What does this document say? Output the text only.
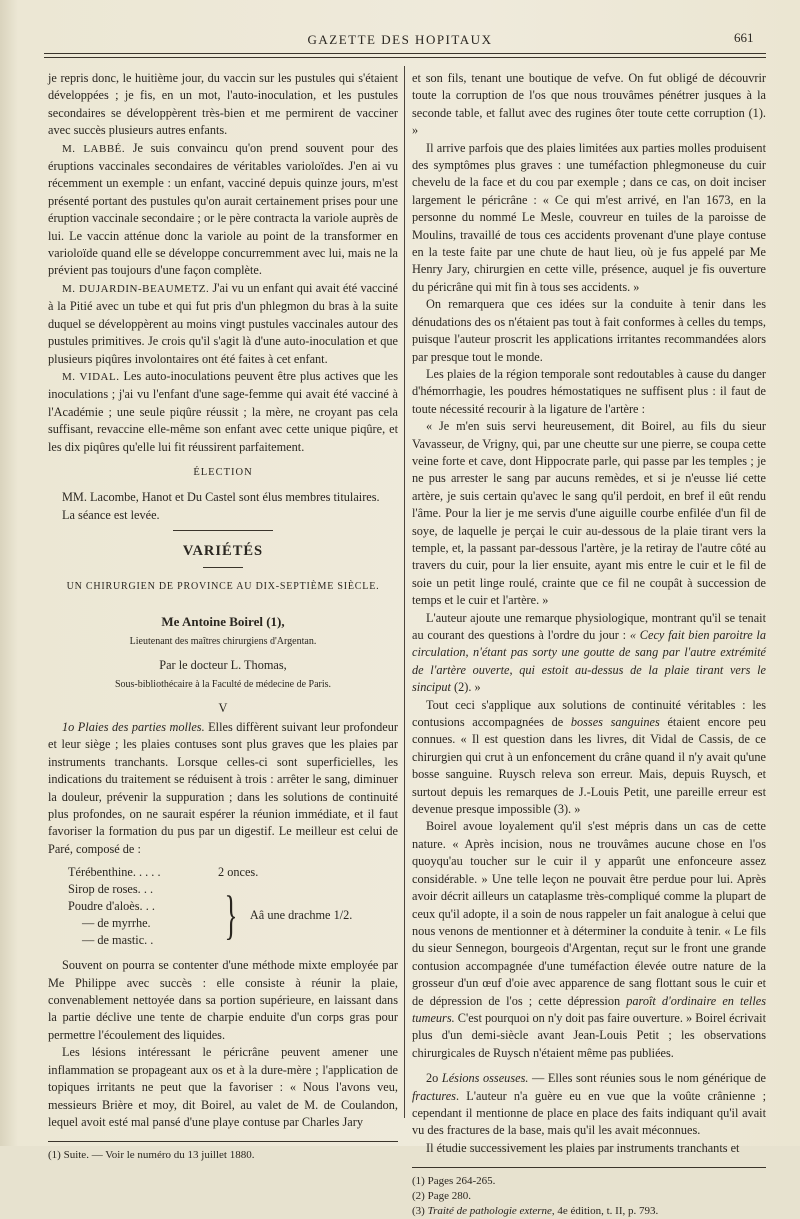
GAZETTE DES HOPITAUX	661

je repris donc, le huitième jour, du vaccin sur les pustules qui s'étaient développées ; je fis, en un mot, l'auto-inoculation, et les pustules secondaires se développèrent très-bien et me permirent de vacciner avec succès plusieurs autres enfants.

M. LABBÉ. Je suis convaincu qu'on prend souvent pour des éruptions vaccinales secondaires de véritables varioloïdes. J'en ai vu récemment un exemple : un enfant, vacciné depuis quinze jours, m'est présenté portant des pustules qu'on aurait certainement prises pour une éruption vaccinale secondaire ; or le père contracta la variole auprès de lui. Le vaccin atténue donc la variole au point de la transformer en varioloïde quand elle se développe concurremment avec lui, mais ne la prévient pas toujours d'une façon complète.

M. DUJARDIN-BEAUMETZ. J'ai vu un enfant qui avait été vacciné à la Pitié avec un tube et qui fut pris d'un phlegmon du bras à la suite duquel se développèrent au moins vingt pustules vaccinales autour des pustules primitives. Je crois qu'il s'agit là d'une auto-inoculation et que plusieurs piqûres involontaires ont été faites à cet enfant.

M. VIDAL. Les auto-inoculations peuvent être plus actives que les inoculations ; j'ai vu l'enfant d'une sage-femme qui avait été vacciné à l'Académie ; une seule piqûre réussit ; la mère, ne croyant pas cela suffisant, revaccine elle-même son enfant avec cette unique piqûre, et les dix piqûres qu'elle lui fit réussirent parfaitement.

ÉLECTION

MM. Lacombe, Hanot et Du Castel sont élus membres titulaires.

La séance est levée.

VARIÉTÉS
UN CHIRURGIEN DE PROVINCE AU DIX-SEPTIÈME SIÈCLE.
Me Antoine Boirel (1),
Lieutenant des maîtres chirurgiens d'Argentan.
Par le docteur L. Thomas,
Sous-bibliothécaire à la Faculté de médecine de Paris.
V

1o Plaies des parties molles. Elles diffèrent suivant leur profondeur et leur siège ; les plaies contuses sont plus graves que les plaies par instruments tranchants. Lorsque celles-ci sont superficielles, les indications du traitement se réduisent à trois : arrêter le sang, diminuer la douleur, prévenir la suppuration ; dans les solutions de continuité plus profondes, on ne saurait espérer la réunion immédiate, et il faut favoriser la formation du pus par un digestif. Le meilleur est celui de Paré, composé de :

Térébenthine. . . . .	2 onces.
Sirop de roses. . .
Poudre d'aloès. . .
— de myrrhe.
— de mastic. .	} Aâ une drachme 1/2.

Souvent on pourra se contenter d'une méthode mixte employée par Me Philippe avec succès : elle consiste à réunir la plaie, convenablement nettoyée dans sa portion supérieure, en laissant dans la partie déclive une tente de charpie enduite d'un corps gras pour permettre l'écoulement des liquides.

Les lésions intéressant le péricrâne peuvent amener une inflammation se propageant aux os et à la dure-mère ; l'application de topiques irritants ne peut que la favoriser : « Nous l'avons veu, messieurs Brière et moy, dit Boirel, au valet de M. de Coulandon, lequel avoit esté mal pansé d'une playe contuse par Charles Jary

(1) Suite. — Voir le numéro du 13 juillet 1880.

et son fils, tenant une boutique de vefve. On fut obligé de découvrir toute la corruption de l'os que nous trouvâmes pénétrer jusques à la seconde table, et fallut avec des rugines ôter toute cette corruption (1). »

Il arrive parfois que des plaies limitées aux parties molles produisent des symptômes plus graves : une tuméfaction phlegmoneuse du cuir chevelu de la face et du cou par exemple ; dans ce cas, on doit inciser largement le péricrâne : « Ce qui m'est arrivé, en l'an 1673, en la personne du nommé Le Mesle, couvreur en tuiles de la paroisse de Moulins, travaillé de tous ces accidents provenant d'une playe contuse en la teste faite par une chute de haut lieu, où je fus appelé par Me Henry Jary, chirurgien en cette ville, présence, auquel je fis ouverture du péricrâne qui mit fin à tous ses accidents. »

On remarquera que ces idées sur la conduite à tenir dans les dénudations des os n'étaient pas tout à fait conformes à celles du temps, puisque l'auteur proscrit les applications irritantes recommandées alors par presque tout le monde.

Les plaies de la région temporale sont redoutables à cause du danger d'hémorrhagie, les poudres hémostatiques ne suffisent plus : il faut de toute nécessité recourir à la ligature de l'artère :

« Je m'en suis servi heureusement, dit Boirel, au fils du sieur Vavasseur, de Vrigny, qui, par une cheutte sur une pierre, se coupa cette veine forte et cave, dont Hippocrate parle, qui passe par les temples ; je ne pus arrester le sang par aucuns remèdes, et si je n'eusse lié cette artère, je suis certain qu'avec le sang qu'il perdoit, en bref il eût rendu l'âme. Pour la lier je me servis d'une aiguille courbe enfilée d'un fil de soye, de laquelle je perçai le cuir au-dessous de la plaie tirant vers la temple, et, la passant par-dessous l'artère, je la retiray de l'autre côté au travers du cuir, pour la lier ensuite, ayant mis entre le cuir et le fil de soie un petit linge roulé, crainte que ce fil ne coupât à succession de temps et le cuir et l'artère. »

L'auteur ajoute une remarque physiologique, montrant qu'il se tenait au courant des questions à l'ordre du jour : « Cecy fait bien paroitre la circulation, n'étant pas sorty une goutte de sang par l'autre extrémité de l'artère ouverte, qui estoit au-dessus de la plaie tirant vers le sinciput (2). »

Tout ceci s'applique aux solutions de continuité véritables : les contusions accompagnées de bosses sanguines étaient encore peu connues. « Il est question dans les livres, dit Vidal de Cassis, de ce chirurgien qui crut à un enfoncement du crâne quand il n'y avait qu'une bosse sanguine. Ruysch releva son erreur. Mais, depuis Ruysch, et surtout depuis les remarques de J.-Louis Petit, une pareille erreur est devenue presque impossible (3). »

Boirel avoue loyalement qu'il s'est mépris dans un cas de cette nature. « Après incision, nous ne trouvâmes aucune chose en l'os quoyqu'au toucher sur le cuir il y apparût une enfonceure assez considérable. » Une telle leçon ne pouvait être perdue pour lui. Après avoir décrit ailleurs un cataplasme très-compliqué comme la plupart de ceux qu'il adopte, il a soin de nous rappeler un fait analogue à celui que nous venons de mentionner et à déterminer la conduite à tenir. « Le fils du sieur Sennegon, bourgeois d'Argentan, reçut sur le front une grande contusion accompagnée d'une tuméfaction élevée outre nature de la grosseur d'un œuf d'oie avec apparence de sang flottant sous le cuir et de dépression de l'os ; cette dépression paroît d'ordinaire en telles tumeurs. C'est pourquoi on n'y doit pas faire ouverture. » Boirel écrivait plus d'un demi-siècle avant Jean-Louis Petit ; les observations chirurgicales de Ruysch n'étaient même pas publiées.

2o Lésions osseuses. — Elles sont réunies sous le nom générique de fractures. L'auteur n'a guère eu en vue que la voûte crânienne ; cependant il mentionne de place en place des faits indiquant qu'il avait vu des fractures de la base, mais qu'il les avait méconnues.

Il étudie successivement les plaies par instruments tranchants et

(1) Pages 264-265.

(2) Page 280.

(3) Traité de pathologie externe, 4e édition, t. II, p. 793.
